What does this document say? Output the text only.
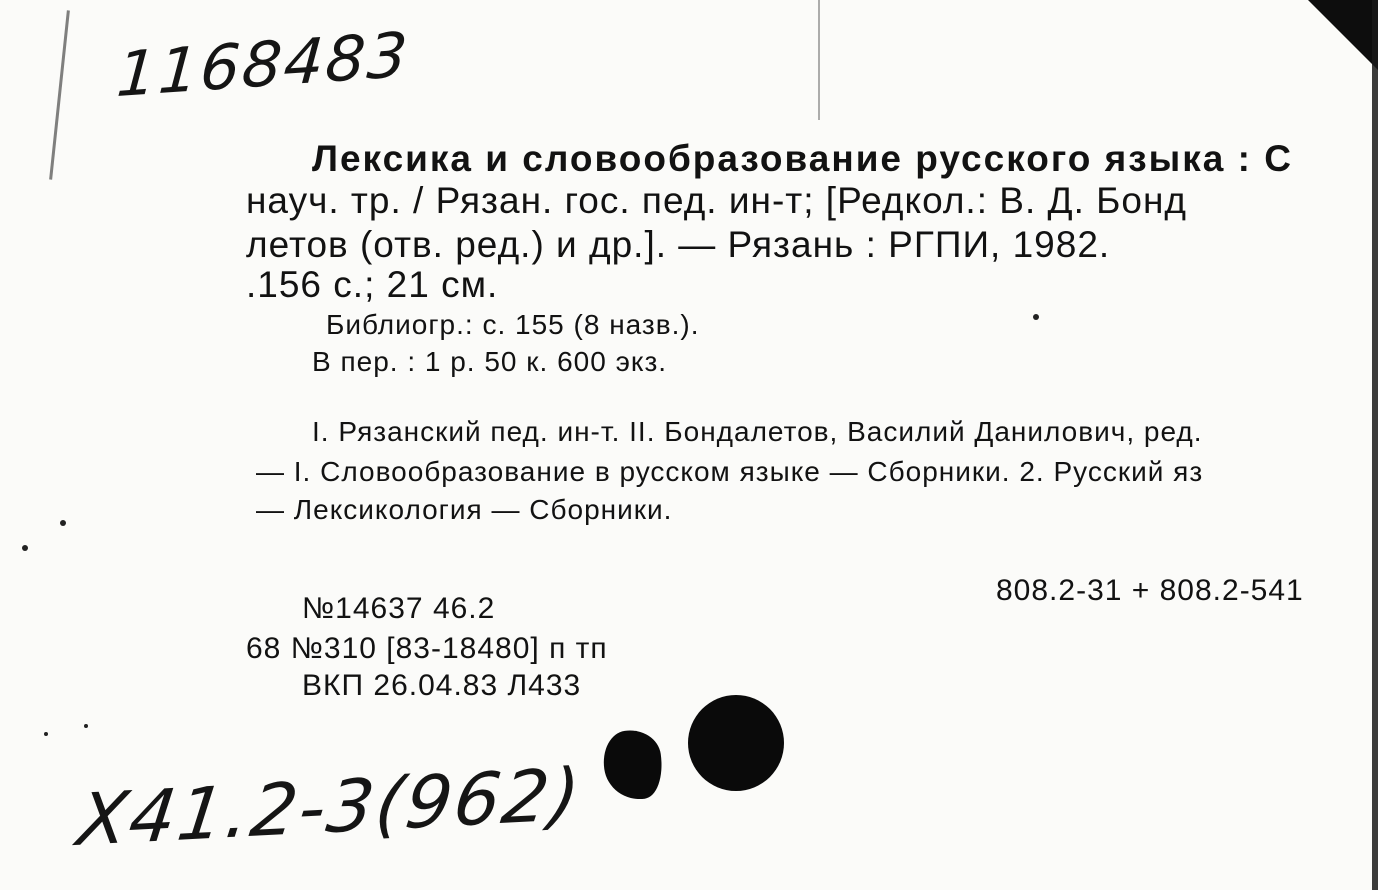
1168483
Лексика и словообразование русского языка : С
науч. тр. / Рязан. гос. пед. ин-т; [Редкол.: В. Д. Бонд
летов (отв. ред.) и др.]. — Рязань : РГПИ, 1982.
.156 с.; 21 см.
Библиогр.: с. 155 (8 назв.).
В пер. : 1 р. 50 к. 600 экз.
I. Рязанский пед. ин-т. II. Бондалетов, Василий Данилович, ред.
— I. Словообразование в русском языке — Сборники. 2. Русский яз
— Лексикология — Сборники.
808.2-31 + 808.2-541
№14637 46.2
68 №310 [83-18480] п тп
ВКП 26.04.83 Л433
Х41.2-3(962)
